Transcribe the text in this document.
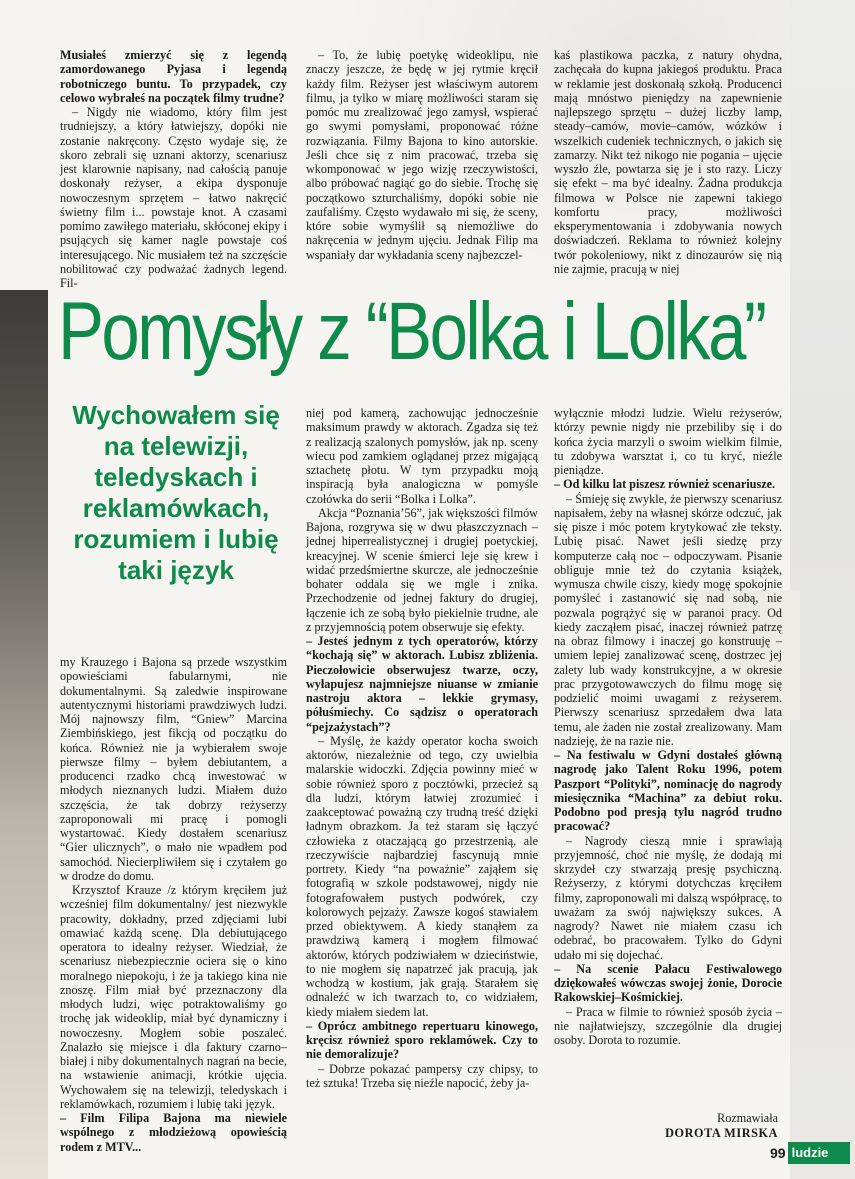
Musiałeś zmierzyć się z legendą zamordowanego Pyjasa i legendą robotniczego buntu. To przypadek, czy celowo wybrałeś na początek filmy trudne?

– Nigdy nie wiadomo, który film jest trudniejszy, a który łatwiejszy, dopóki nie zostanie nakręcony. Często wydaje się, że skoro zebrali się uznani aktorzy, scenariusz jest klarownie napisany, nad całością panuje doskonały reżyser, a ekipa dysponuje nowoczesnym sprzętem – łatwo nakręcić świetny film i... powstaje knot. A czasami pomimo zawiłego materiału, skłóconej ekipy i psujących się kamer nagle powstaje coś interesującego. Nic musiałem też na szczęście nobilitować czy podważać żadnych legend. Fil-

– To, że lubię poetykę wideoklipu, nie znaczy jeszcze, że będę w jej rytmie kręcił każdy film. Reżyser jest właściwym autorem filmu, ja tylko w miarę możliwości staram się pomóc mu zrealizować jego zamysł, wspierać go swymi pomysłami, proponować różne rozwiązania. Filmy Bajona to kino autorskie. Jeśli chce się z nim pracować, trzeba się wkomponować w jego wizję rzeczywistości, albo próbować nagiąć go do siebie. Trochę się początkowo szturchaliśmy, dopóki sobie nie zaufaliśmy. Często wydawało mi się, że sceny, które sobie wymyślił są niemożliwe do nakręcenia w jednym ujęciu. Jednak Filip ma wspaniały dar wykładania sceny najbezczel-

kaś plastikowa paczka, z natury ohydna, zachęcała do kupna jakiegoś produktu. Praca w reklamie jest doskonałą szkołą. Producenci mają mnóstwo pieniędzy na zapewnienie najlepszego sprzętu – dużej liczby lamp, steady–camów, movie–camów, wózków i wszelkich cudeniek technicznych, o jakich się zamarzy. Nikt też nikogo nie pogania – ujęcie wyszło źle, powtarza się je i sto razy. Liczy się efekt – ma być idealny. Żadna produkcja filmowa w Polsce nie zapewni takiego komfortu pracy, możliwości eksperymentowania i zdobywania nowych doświadczeń. Reklama to również kolejny twór pokoleniowy, nikt z dinozaurów się nią nie zajmie, pracują w niej

Pomysły z “Bolka i Lolka”
Wychowałem się na telewizji, teledyskach i reklamówkach, rozumiem i lubię taki język

my Krauzego i Bajona są przede wszystkim opowieściami fabularnymi, nie dokumentalnymi. Są zaledwie inspirowane autentycznymi historiami prawdziwych ludzi. Mój najnowszy film, “Gniew” Marcina Ziembińskiego, jest fikcją od początku do końca. Również nie ja wybierałem swoje pierwsze filmy – byłem debiutantem, a producenci rzadko chcą inwestować w młodych nieznanych ludzi. Miałem dużo szczęścia, że tak dobrzy reżyserzy zaproponowali mi pracę i pomogli wystartować. Kiedy dostałem scenariusz “Gier ulicznych”, o mało nie wpadłem pod samochód. Niecierpliwiłem się i czytałem go w drodze do domu.

Krzysztof Krauze /z którym kręciłem już wcześniej film dokumentalny/ jest niezwykle pracowity, dokładny, przed zdjęciami lubi omawiać każdą scenę. Dla debiutującego operatora to idealny reżyser. Wiedział, że scenariusz niebezpiecznie ociera się o kino moralnego niepokoju, i że ja takiego kina nie znoszę. Film miał być przeznaczony dla młodych ludzi, więc potraktowaliśmy go trochę jak wideoklip, miał być dynamiczny i nowoczesny. Mogłem sobie poszaleć. Znalazło się miejsce i dla faktury czarno–białej i niby dokumentalnych nagrań na becie, na wstawienie animacji, krótkie ujęcia. Wychowałem się na telewizji, teledyskach i reklamówkach, rozumiem i lubię taki język.

– Film Filipa Bajona ma niewiele wspólnego z młodzieżową opowieścią rodem z MTV...

niej pod kamerą, zachowując jednocześnie maksimum prawdy w aktorach. Zgadza się też z realizacją szalonych pomysłów, jak np. sceny wiecu pod zamkiem oglądanej przez migającą sztachetę płotu. W tym przypadku moją inspiracją była analogiczna w pomyśle czołówka do serii “Bolka i Lolka”.

Akcja “Poznania’56”, jak większości filmów Bajona, rozgrywa się w dwu płaszczyznach – jednej hiperrealistycznej i drugiej poetyckiej, kreacyjnej. W scenie śmierci leje się krew i widać przedśmiertne skurcze, ale jednocześnie bohater oddala się we mgle i znika. Przechodzenie od jednej faktury do drugiej, łączenie ich ze sobą było piekielnie trudne, ale z przyjemnością potem obserwuje się efekty.

– Jesteś jednym z tych operatorów, którzy “kochają się” w aktorach. Lubisz zbliżenia. Pieczołowicie obserwujesz twarze, oczy, wyłapujesz najmniejsze niuanse w zmianie nastroju aktora – lekkie grymasy, półuśmiechy. Co sądzisz o operatorach “pejzażystach”?

– Myślę, że każdy operator kocha swoich aktorów, niezależnie od tego, czy uwielbia malarskie widoczki. Zdjęcia powinny mieć w sobie również sporo z pocztówki, przecież są dla ludzi, którym łatwiej zrozumieć i zaakceptować poważną czy trudną treść dzięki ładnym obrazkom. Ja też staram się łączyć człowieka z otaczającą go przestrzenią, ale rzeczywiście najbardziej fascynują mnie portrety. Kiedy “na poważnie” zająłem się fotografią w szkole podstawowej, nigdy nie fotografowałem pustych podwórek, czy kolorowych pejzaży. Zawsze kogoś stawiałem przed obiektywem. A kiedy stanąłem za prawdziwą kamerą i mogłem filmować aktorów, których podziwiałem w dzieciństwie, to nie mogłem się napatrzeć jak pracują, jak wchodzą w kostium, jak grają. Starałem się odnaleźć w ich twarzach to, co widziałem, kiedy miałem siedem lat.

– Oprócz ambitnego repertuaru kinowego, kręcisz również sporo reklamówek. Czy to nie demoralizuje?

– Dobrze pokazać pampersy czy chipsy, to też sztuka! Trzeba się nieźle napocić, żeby ja-

wyłącznie młodzi ludzie. Wielu reżyserów, którzy pewnie nigdy nie przebiliby się i do końca życia marzyli o swoim wielkim filmie, tu zdobywa warsztat i, co tu kryć, nieźle pieniądze.

– Od kilku lat piszesz również scenariusze.

– Śmieję się zwykle, że pierwszy scenariusz napisałem, żeby na własnej skórze odczuć, jak się pisze i móc potem krytykować złe teksty. Lubię pisać. Nawet jeśli siedzę przy komputerze całą noc – odpoczywam. Pisanie obliguje mnie też do czytania książek, wymusza chwile ciszy, kiedy mogę spokojnie pomyśleć i zastanowić się nad sobą, nie pozwala pogrążyć się w paranoi pracy. Od kiedy zacząłem pisać, inaczej również patrzę na obraz filmowy i inaczej go konstruuję – umiem lepiej zanalizować scenę, dostrzec jej zalety lub wady konstrukcyjne, a w okresie prac przygotowawczych do filmu mogę się podzielić moimi uwagami z reżyserem. Pierwszy scenariusz sprzedałem dwa lata temu, ale żaden nie został zrealizowany. Mam nadzieję, że na razie nie.

– Na festiwalu w Gdyni dostałeś główną nagrodę jako Talent Roku 1996, potem Paszport “Polityki”, nominację do nagrody miesięcznika “Machina” za debiut roku. Podobno pod presją tylu nagród trudno pracować?

– Nagrody cieszą mnie i sprawiają przyjemność, choć nie myślę, że dodają mi skrzydeł czy stwarzają presję psychiczną. Reżyserzy, z którymi dotychczas kręciłem filmy, zaproponowali mi dalszą współpracę, to uważam za swój największy sukces. A nagrody? Nawet nie miałem czasu ich odebrać, bo pracowałem. Tylko do Gdyni udało mi się dojechać.

– Na scenie Pałacu Festiwalowego dziękowałeś wówczas swojej żonie, Dorocie Rakowskiej–Kośmickiej.

– Praca w filmie to również sposób życia – nie najłatwiejszy, szczególnie dla drugiej osoby. Dorota to rozumie.

Rozmawiała
DOROTA MIRSKA
99 ludzie
